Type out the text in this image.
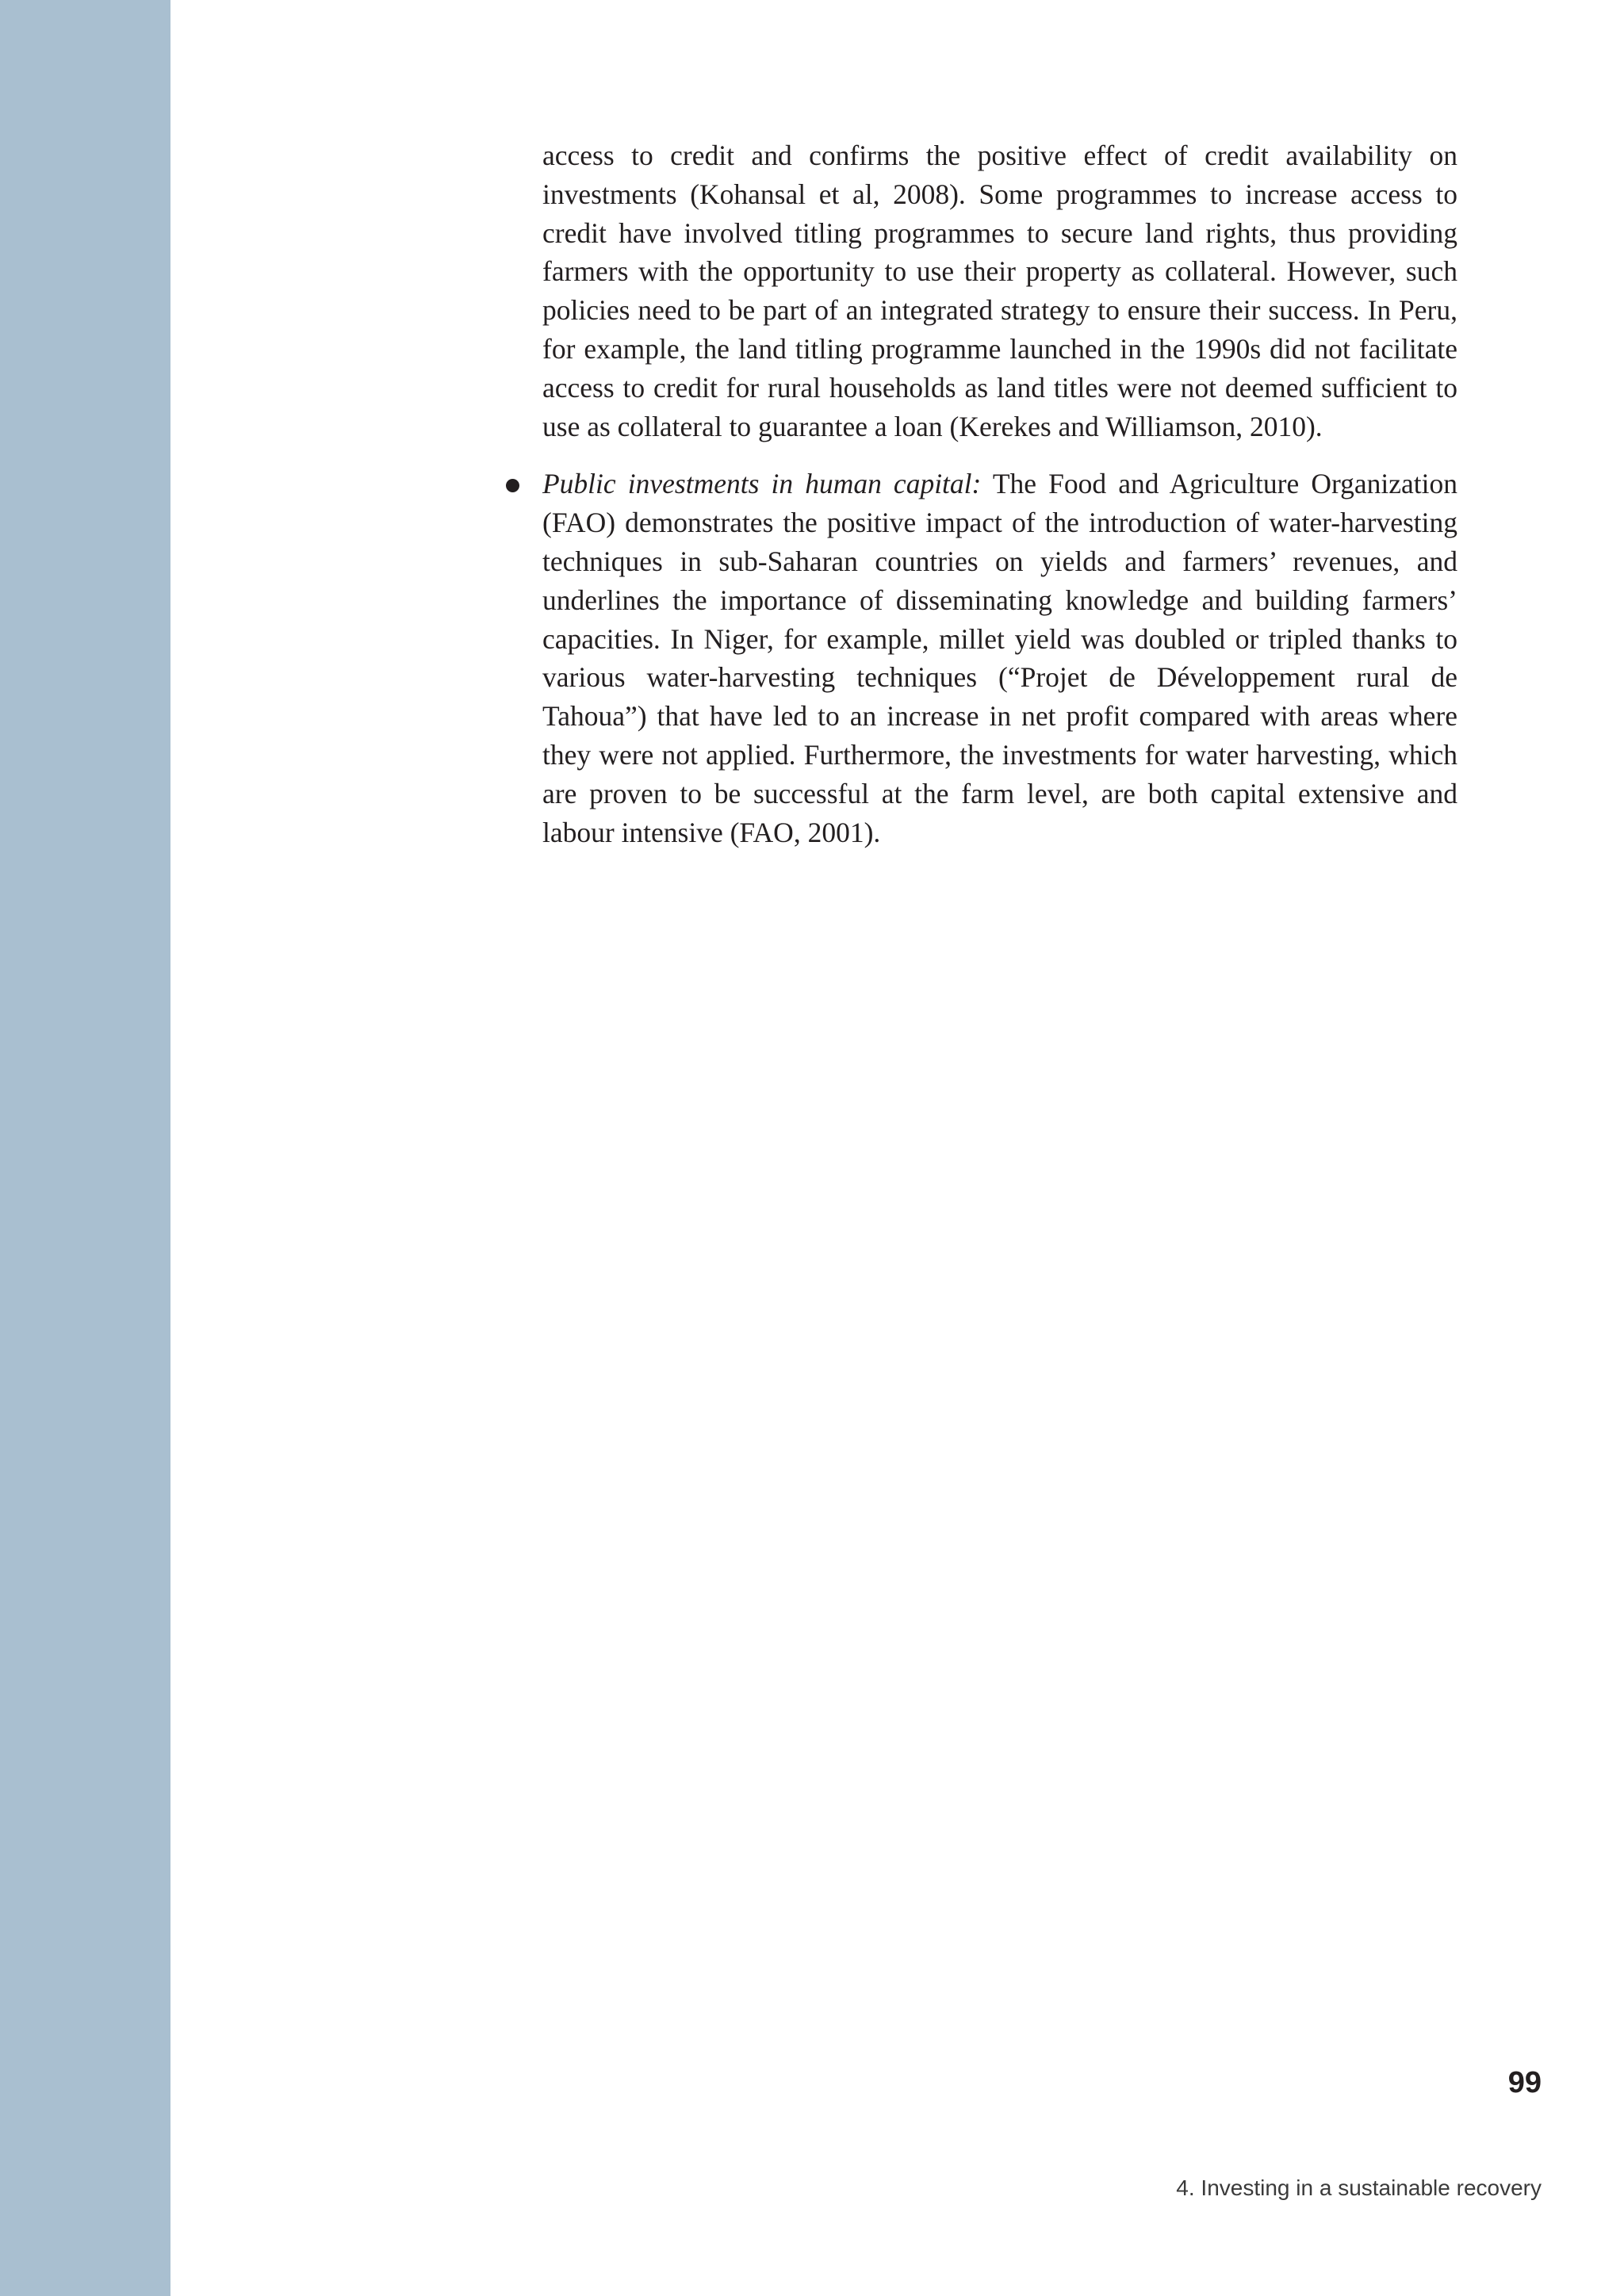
access to credit and confirms the positive effect of credit availability on investments (Kohansal et al, 2008). Some programmes to increase access to credit have involved titling programmes to secure land rights, thus providing farmers with the opportunity to use their property as collateral. However, such policies need to be part of an integrated strategy to ensure their success. In Peru, for example, the land titling programme launched in the 1990s did not facilitate access to credit for rural households as land titles were not deemed sufficient to use as collateral to guarantee a loan (Kerekes and Williamson, 2010).

Public investments in human capital: The Food and Agriculture Organization (FAO) demonstrates the positive impact of the introduction of water-harvesting techniques in sub-Saharan countries on yields and farmers’ revenues, and underlines the importance of disseminating knowledge and building farmers’ capacities. In Niger, for example, millet yield was doubled or tripled thanks to various water-harvesting techniques (“Projet de Développement rural de Tahoua”) that have led to an increase in net profit compared with areas where they were not applied. Furthermore, the investments for water harvesting, which are proven to be successful at the farm level, are both capital extensive and labour intensive (FAO, 2001).

99
4. Investing in a sustainable recovery
